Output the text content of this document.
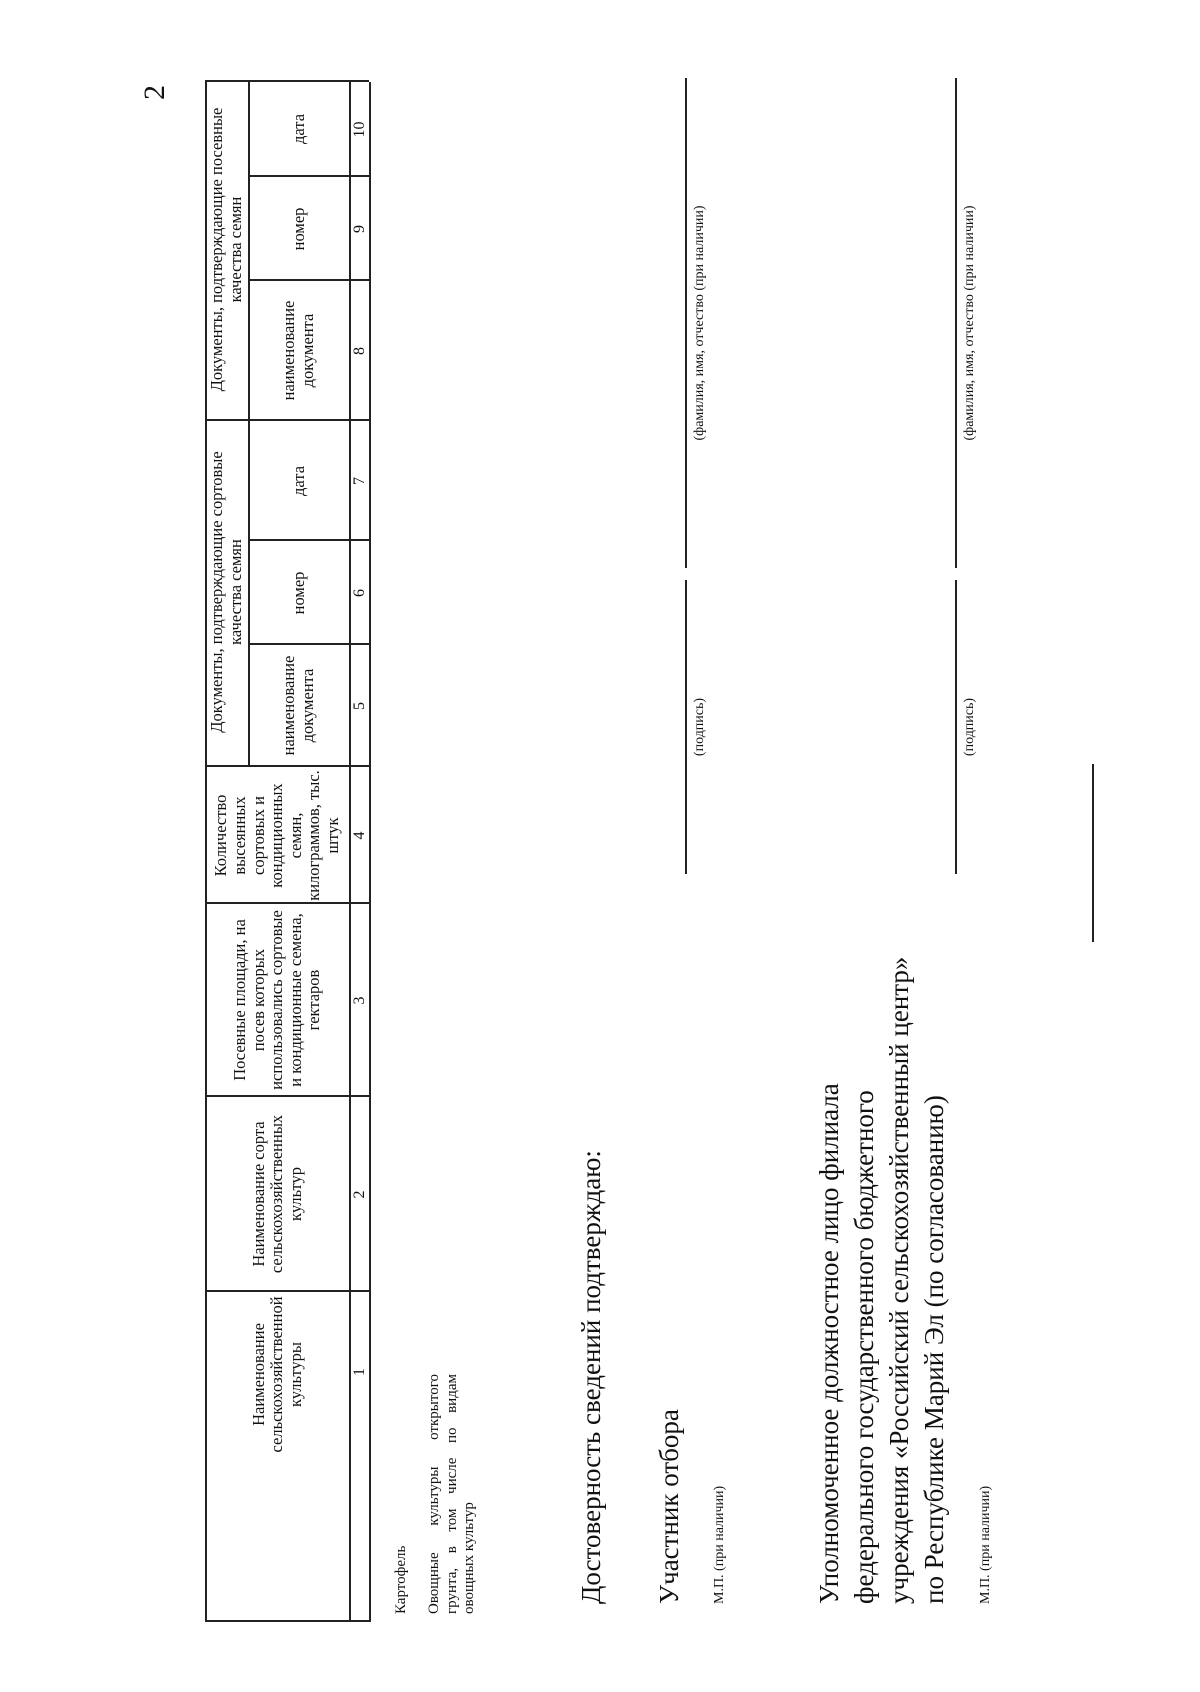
2
Наименование сельскохозяйственной культуры
Наименование сорта сельскохозяйственных культур
Посевные площади, на посев которых использовались сортовые и кондиционные семена, гектаров
Количество высеянных сортовых и кондиционных семян, килограммов, тыс. штук
Документы, подтверждающие сортовые качества семян
Документы, подтверждающие посевные качества семян
наименование документа
номер
дата
наименование документа
номер
дата
1
2
3
4
5
6
7
8
9
10
Картофель Овощные культуры открытого грунта, в том числе по видам овощных культур	Достоверность сведений подтверждаю: Участник отбора М.П. (при наличии)
(подпись)
(фамилия, имя, отчество (при наличии)
Уполномоченное должностное лицо филиала федерального государственного бюджетного учреждения «Российский сельскохозяйственный центр» по Республике Марий Эл (по согласованию) М.П. (при наличии)
(подпись)
(фамилия, имя, отчество (при наличии)
